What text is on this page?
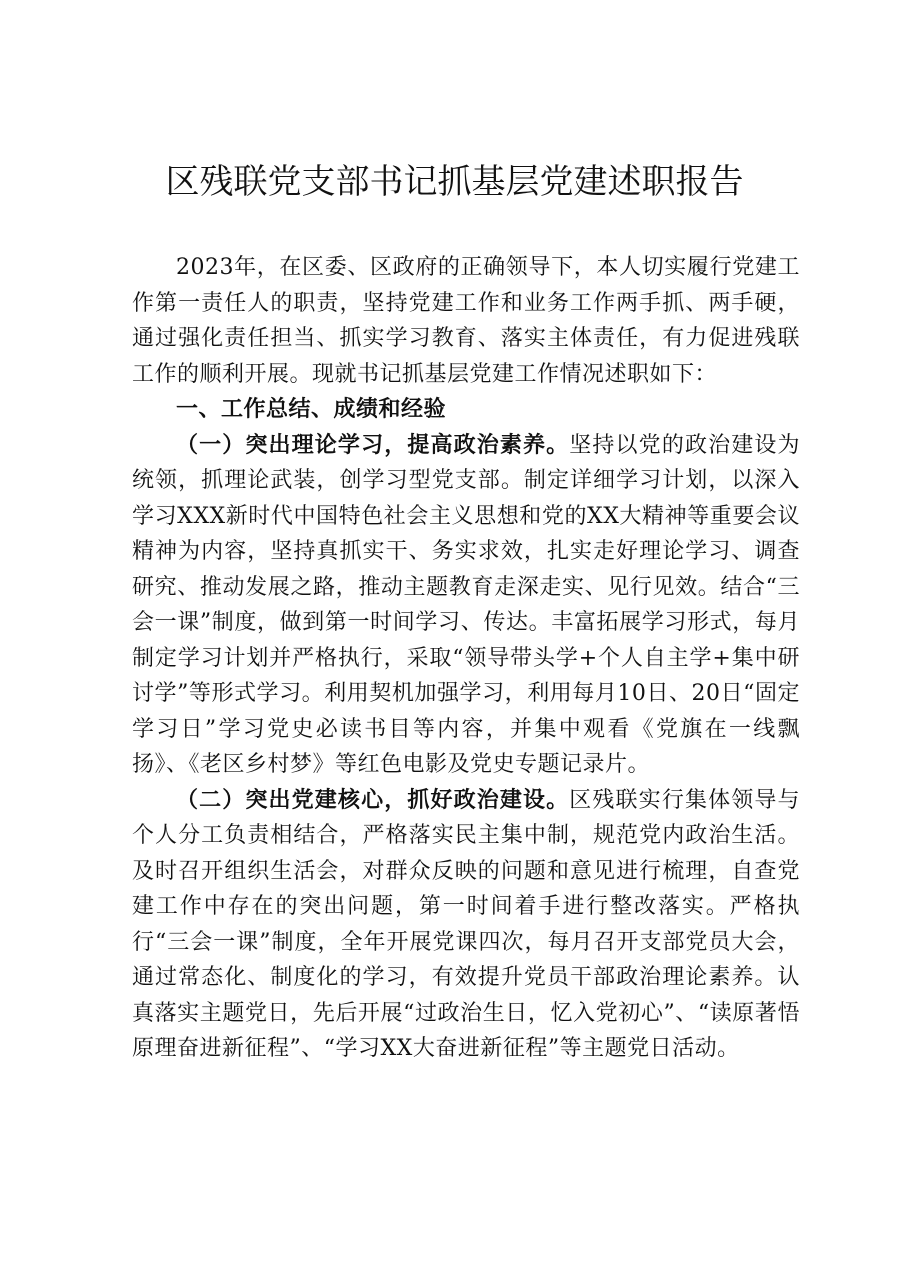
区残联党支部书记抓基层党建述职报告

2023年，在区委、区政府的正确领导下，本人切实履行党建工作第一责任人的职责，坚持党建工作和业务工作两手抓、两手硬，通过强化责任担当、抓实学习教育、落实主体责任，有力促进残联工作的顺利开展。现就书记抓基层党建工作情况述职如下：

一、工作总结、成绩和经验

（一）突出理论学习，提高政治素养。坚持以党的政治建设为统领，抓理论武装，创学习型党支部。制定详细学习计划，以深入学习XXX新时代中国特色社会主义思想和党的XX大精神等重要会议精神为内容，坚持真抓实干、务实求效，扎实走好理论学习、调查研究、推动发展之路，推动主题教育走深走实、见行见效。结合“三会一课”制度，做到第一时间学习、传达。丰富拓展学习形式，每月制定学习计划并严格执行，采取“领导带头学+个人自主学+集中研讨学”等形式学习。利用契机加强学习，利用每月10日、20日“固定学习日”学习党史必读书目等内容，并集中观看《党旗在一线飘扬》、《老区乡村梦》等红色电影及党史专题记录片。

（二）突出党建核心，抓好政治建设。区残联实行集体领导与个人分工负责相结合，严格落实民主集中制，规范党内政治生活。及时召开组织生活会，对群众反映的问题和意见进行梳理，自查党建工作中存在的突出问题，第一时间着手进行整改落实。严格执行“三会一课”制度，全年开展党课四次，每月召开支部党员大会，通过常态化、制度化的学习，有效提升党员干部政治理论素养。认真落实主题党日，先后开展“过政治生日，忆入党初心”、“读原著悟原理奋进新征程”、“学习XX大奋进新征程”等主题党日活动。
